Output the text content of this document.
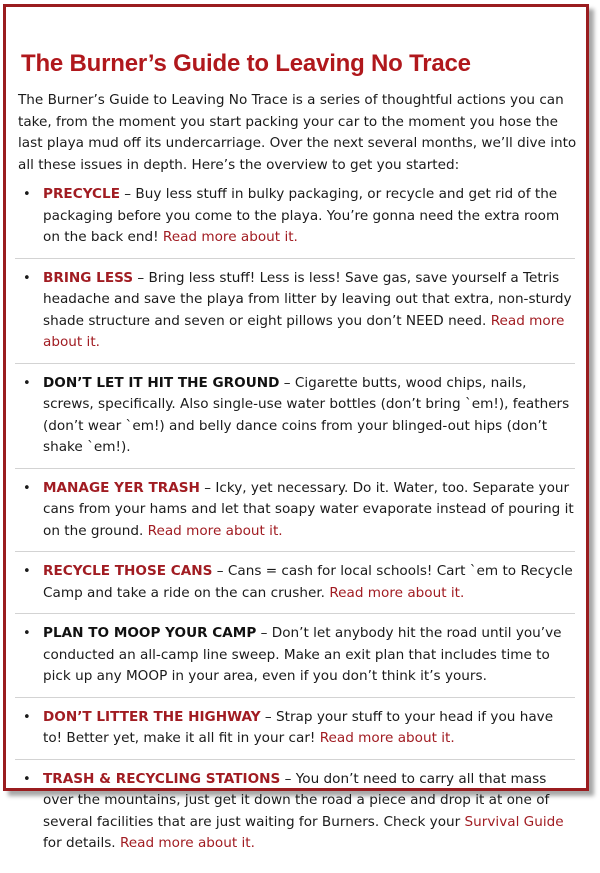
The Burner’s Guide to Leaving No Trace

The Burner’s Guide to Leaving No Trace is a series of thoughtful actions you can take, from the moment you start packing your car to the moment you hose the last playa mud off its undercarriage. Over the next several months, we’ll dive into all these issues in depth. Here’s the overview to get you started:

• PRECYCLE – Buy less stuff in bulky packaging, or recycle and get rid of the packaging before you come to the playa. You’re gonna need the extra room on the back end! Read more about it.
• BRING LESS – Bring less stuff! Less is less! Save gas, save yourself a Tetris headache and save the playa from litter by leaving out that extra, non-sturdy shade structure and seven or eight pillows you don’t NEED need. Read more about it.
• DON’T LET IT HIT THE GROUND – Cigarette butts, wood chips, nails, screws, specifically. Also single-use water bottles (don’t bring `em!), feathers (don’t wear `em!) and belly dance coins from your blinged-out hips (don’t shake `em!).
• MANAGE YER TRASH – Icky, yet necessary. Do it. Water, too. Separate your cans from your hams and let that soapy water evaporate instead of pouring it on the ground. Read more about it.
• RECYCLE THOSE CANS – Cans = cash for local schools! Cart `em to Recycle Camp and take a ride on the can crusher. Read more about it.
• PLAN TO MOOP YOUR CAMP – Don’t let anybody hit the road until you’ve conducted an all-camp line sweep. Make an exit plan that includes time to pick up any MOOP in your area, even if you don’t think it’s yours.
• DON’T LITTER THE HIGHWAY – Strap your stuff to your head if you have to! Better yet, make it all fit in your car! Read more about it.
• TRASH & RECYCLING STATIONS – You don’t need to carry all that mass over the mountains, just get it down the road a piece and drop it at one of several facilities that are just waiting for Burners. Check your Survival Guide for details. Read more about it.
